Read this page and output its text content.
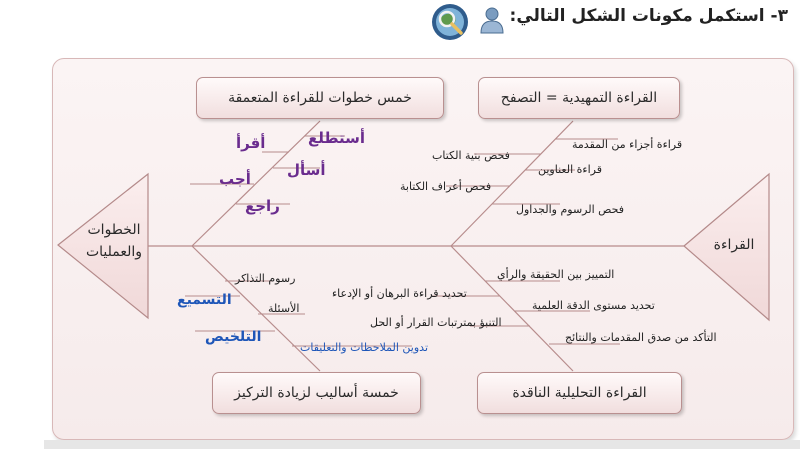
٣- استكمل مكونات الشكل التالي:
القراءة
الخطوات
والعمليات
القراءة التمهيدية = التصفح
خمس خطوات للقراءة المتعمقة
القراءة التحليلية الناقدة
خمسة أساليب لزيادة التركيز
قراءة أجزاء من المقدمة
فحص بنية الكتاب
قراءة العناوين
فحص أعراف الكتابة
فحص الرسوم والجداول
أستطلع
أقرأ
أسأل
أجب
راجع
التمييز بين الحقيقة والرأي
تحديد قراءة البرهان أو الإدعاء
تحديد مستوى الدقة العلمية
التنبؤ بمترتبات القرار أو الحل
التأكد من صدق المقدمات والنتائج
رسوم التذاكر
التسميع
الأسئلة
التلخيص
تدوين الملاحظات والتعليقات
